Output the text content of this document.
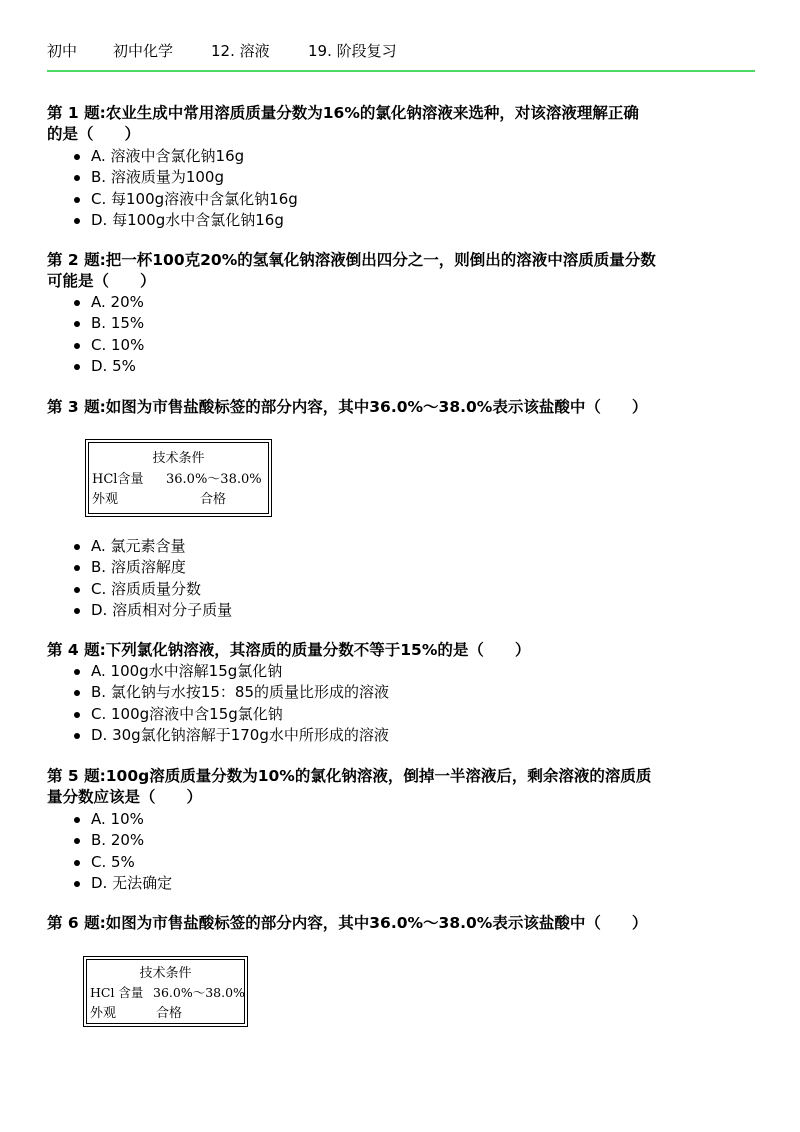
初中	初中化学	12. 溶液	19. 阶段复习
第 1 题:农业生成中常用溶质质量分数为16%的氯化钠溶液来选种，对该溶液理解正确
的是（　　）
A. 溶液中含氯化钠16g
B. 溶液质量为100g
C. 每100g溶液中含氯化钠16g
D. 每100g水中含氯化钠16g
第 2 题:把一杯100克20%的氢氧化钠溶液倒出四分之一，则倒出的溶液中溶质质量分数
可能是（　　）
A. 20%
B. 15%
C. 10%
D. 5%
第 3 题:如图为市售盐酸标签的部分内容，其中36.0%～38.0%表示该盐酸中（　　）
技术条件
HCl含量 36.0%～38.0%
外观	合格
A. 氯元素含量
B. 溶质溶解度
C. 溶质质量分数
D. 溶质相对分子质量
第 4 题:下列氯化钠溶液，其溶质的质量分数不等于15%的是（　　）
A. 100g水中溶解15g氯化钠
B. 氯化钠与水按15：85的质量比形成的溶液
C. 100g溶液中含15g氯化钠
D. 30g氯化钠溶解于170g水中所形成的溶液
第 5 题:100g溶质质量分数为10%的氯化钠溶液，倒掉一半溶液后，剩余溶液的溶质质
量分数应该是（　　）
A. 10%
B. 20%
C. 5%
D. 无法确定
第 6 题:如图为市售盐酸标签的部分内容，其中36.0%～38.0%表示该盐酸中（　　）
技术条件
HCl 含量 36.0%～38.0%
外观	合格
